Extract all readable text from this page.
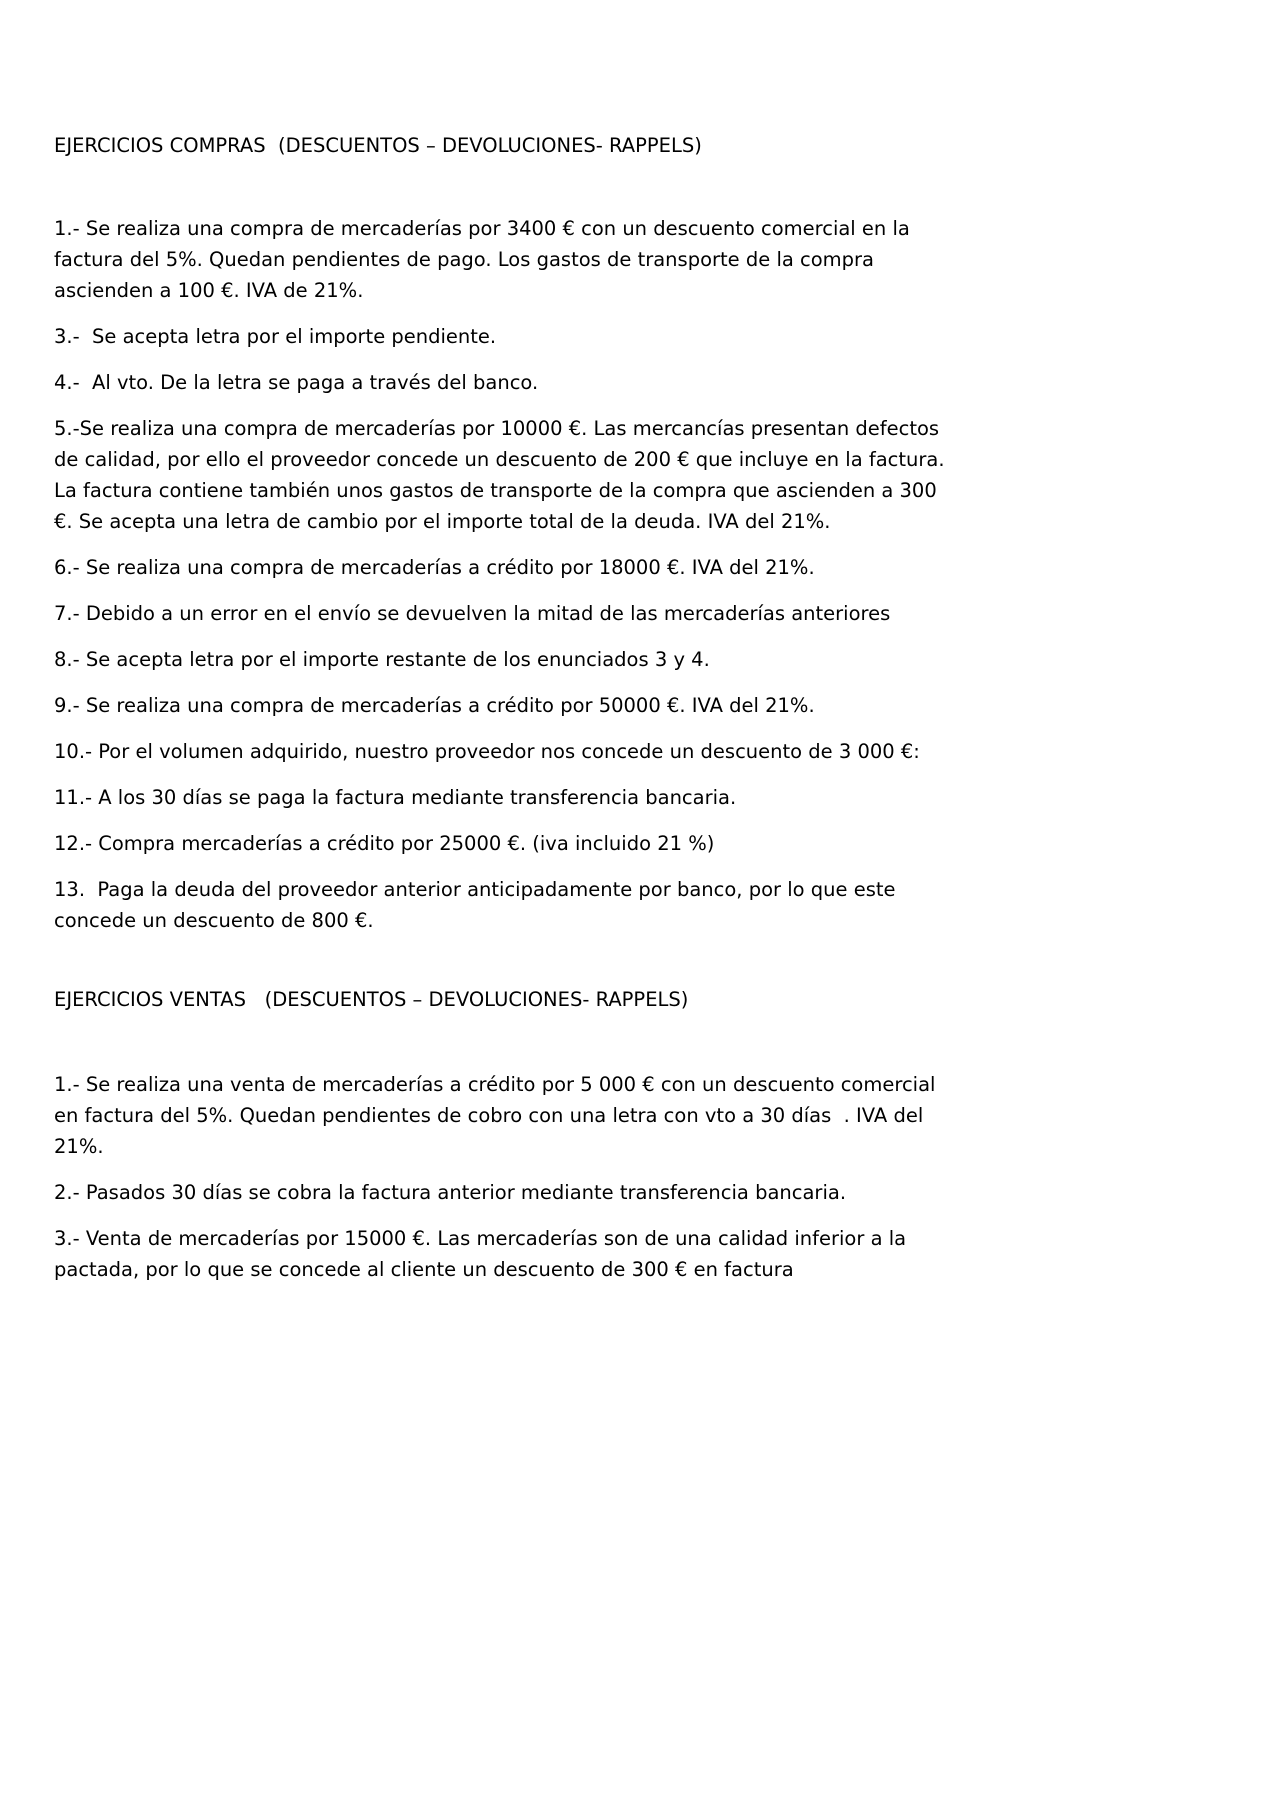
EJERCICIOS COMPRAS  (DESCUENTOS – DEVOLUCIONES- RAPPELS)

1.- Se realiza una compra de mercaderías por 3400 € con un descuento comercial en la factura del 5%. Quedan pendientes de pago. Los gastos de transporte de la compra ascienden a 100 €. IVA de 21%.

3.-  Se acepta letra por el importe pendiente.

4.-  Al vto. De la letra se paga a través del banco.

5.-Se realiza una compra de mercaderías por 10000 €. Las mercancías presentan defectos de calidad, por ello el proveedor concede un descuento de 200 € que incluye en la factura. La factura contiene también unos gastos de transporte de la compra que ascienden a 300 €. Se acepta una letra de cambio por el importe total de la deuda. IVA del 21%.

6.- Se realiza una compra de mercaderías a crédito por 18000 €. IVA del 21%.

7.- Debido a un error en el envío se devuelven la mitad de las mercaderías anteriores

8.- Se acepta letra por el importe restante de los enunciados 3 y 4.

9.- Se realiza una compra de mercaderías a crédito por 50000 €. IVA del 21%.

10.- Por el volumen adquirido, nuestro proveedor nos concede un descuento de 3 000 €:

11.- A los 30 días se paga la factura mediante transferencia bancaria.

12.- Compra mercaderías a crédito por 25000 €. (iva incluido 21 %)

13.  Paga la deuda del proveedor anterior anticipadamente por banco, por lo que este concede un descuento de 800 €.

EJERCICIOS VENTAS   (DESCUENTOS – DEVOLUCIONES- RAPPELS)

1.- Se realiza una venta de mercaderías a crédito por 5 000 € con un descuento comercial en factura del 5%. Quedan pendientes de cobro con una letra con vto a 30 días  . IVA del 21%.

2.- Pasados 30 días se cobra la factura anterior mediante transferencia bancaria.

3.- Venta de mercaderías por 15000 €. Las mercaderías son de una calidad inferior a la pactada, por lo que se concede al cliente un descuento de 300 € en factura
